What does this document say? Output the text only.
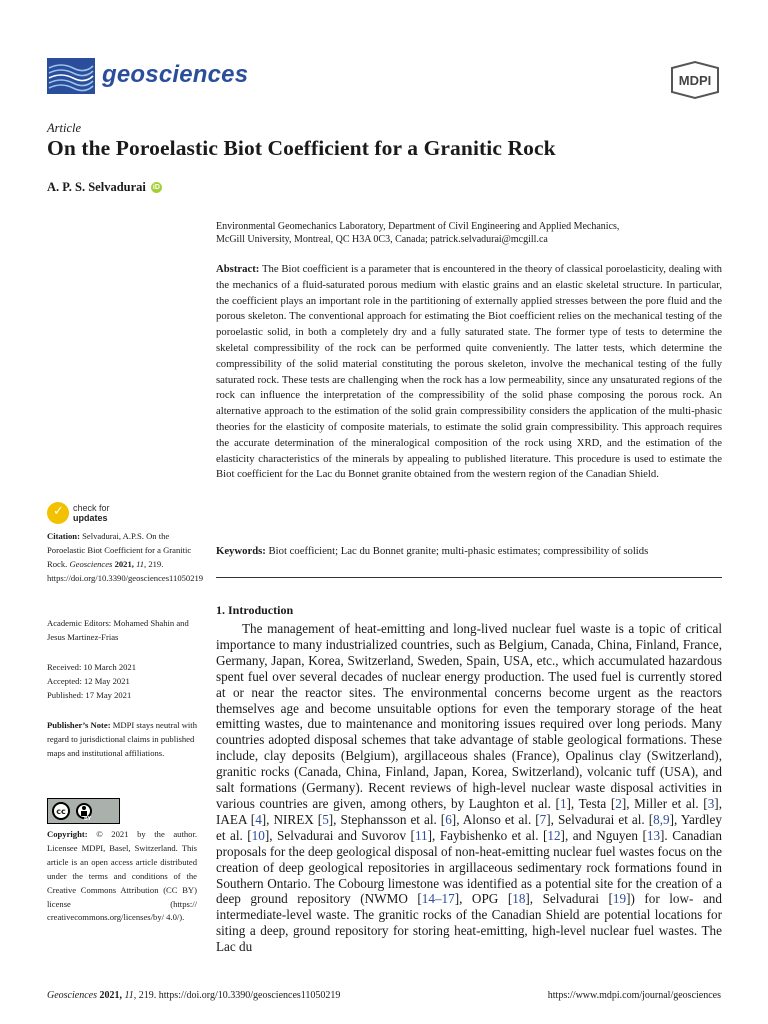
geosciences	MDPI
Article
On the Poroelastic Biot Coefficient for a Granitic Rock
A. P. S. Selvadurai iD
Environmental Geomechanics Laboratory, Department of Civil Engineering and Applied Mechanics,
McGill University, Montreal, QC H3A 0C3, Canada; patrick.selvadurai@mcgill.ca

Abstract: The Biot coefficient is a parameter that is encountered in the theory of classical poroelasticity, dealing with the mechanics of a fluid-saturated porous medium with elastic grains and an elastic skeletal structure. In particular, the coefficient plays an important role in the partitioning of externally applied stresses between the pore fluid and the porous skeleton. The conventional approach for estimating the Biot coefficient relies on the mechanical testing of the poroelastic solid, in both a completely dry and a fully saturated state. The former type of tests to determine the skeletal compressibility of the rock can be performed quite conveniently. The latter tests, which determine the compressibility of the solid material constituting the porous skeleton, involve the mechanical testing of the fully saturated rock. These tests are challenging when the rock has a low permeability, since any unsaturated regions of the rock can influence the interpretation of the compressibility of the solid phase composing the porous rock. An alternative approach to the estimation of the solid grain compressibility considers the application of the multi-phasic theories for the elasticity of composite materials, to estimate the solid grain compressibility. This approach requires the accurate determination of the mineralogical composition of the rock using XRD, and the estimation of the elasticity characteristics of the minerals by appealing to published literature. This procedure is used to estimate the Biot coefficient for the Lac du Bonnet granite obtained from the western region of the Canadian Shield.

Keywords: Biot coefficient; Lac du Bonnet granite; multi-phasic estimates; compressibility of solids
✓
check for
updates
Citation: Selvadurai, A.P.S. On the Poroelastic Biot Coefficient for a Granitic Rock. Geosciences 2021, 11, 219. https://doi.org/10.3390/geosciences11050219
Academic Editors: Mohamed Shahin and Jesus Martinez-Frias
Received: 10 March 2021
Accepted: 12 May 2021
Published: 17 May 2021
Publisher’s Note: MDPI stays neutral with regard to jurisdictional claims in published maps and institutional affiliations.
cc
BY
Copyright: © 2021 by the author. Licensee MDPI, Basel, Switzerland. This article is an open access article distributed under the terms and conditions of the Creative Commons Attribution (CC BY) license (https:// creativecommons.org/licenses/by/ 4.0/).
1. Introduction

The management of heat-emitting and long-lived nuclear fuel waste is a topic of critical importance to many industrialized countries, such as Belgium, Canada, China, Finland, France, Germany, Japan, Korea, Switzerland, Sweden, Spain, USA, etc., which accumulated hazardous spent fuel over several decades of nuclear energy production. The used fuel is currently stored at or near the reactor sites. The environmental concerns become urgent as the reactors themselves age and become unsuitable options for even the temporary storage of the heat emitting wastes, due to maintenance and monitoring issues required over long periods. Many countries adopted disposal schemes that take advantage of stable geological formations. These include, clay deposits (Belgium), argillaceous shales (France), Opalinus clay (Switzerland), granitic rocks (Canada, China, Finland, Japan, Korea, Switzerland), volcanic tuff (USA), and salt formations (Germany). Recent reviews of high-level nuclear waste disposal activities in various countries are given, among others, by Laughton et al. [1], Testa [2], Miller et al. [3], IAEA [4], NIREX [5], Stephansson et al. [6], Alonso et al. [7], Selvadurai et al. [8,9], Yardley et al. [10], Selvadurai and Suvorov [11], Faybishenko et al. [12], and Nguyen [13]. Canadian proposals for the deep geological disposal of non-heat-emitting nuclear fuel wastes focus on the creation of deep geological repositories in argillaceous sedimentary rock formations found in Southern Ontario. The Cobourg limestone was identified as a potential site for the creation of a deep ground repository (NWMO [14–17], OPG [18], Selvadurai [19]) for low- and intermediate-level waste. The granitic rocks of the Canadian Shield are potential locations for siting a deep, ground repository for storing heat-emitting, high-level nuclear fuel wastes. The Lac du

Geosciences 2021, 11, 219. https://doi.org/10.3390/geosciences11050219	https://www.mdpi.com/journal/geosciences
